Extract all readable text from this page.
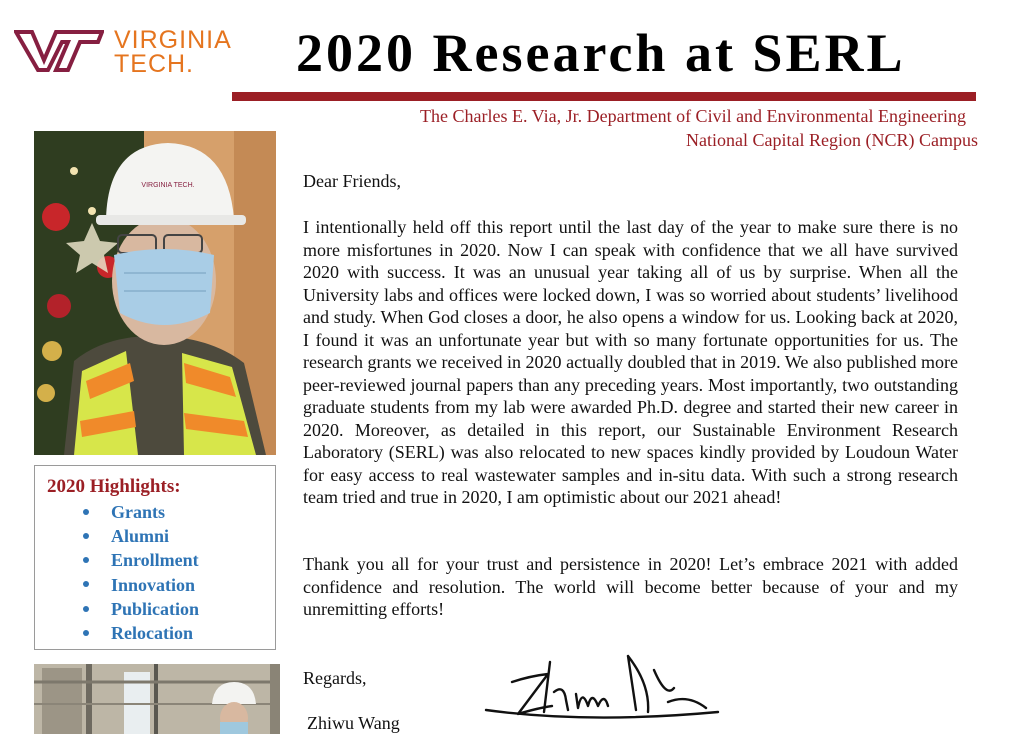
VIRGINIA
TECH.	2020 Research at SERL
The Charles E. Via, Jr. Department of Civil and Environmental Engineering
National Capital Region (NCR) Campus
VIRGINIA TECH.
2020 Highlights:
Grants
Alumni
Enrollment
Innovation
Publication
Relocation
Dear Friends,
I intentionally held off this report until the last day of the year to make sure there is no more misfortunes in 2020. Now I can speak with confidence that we all have survived 2020 with success. It was an unusual year taking all of us by surprise. When all the University labs and offices were locked down, I was so worried about students’ livelihood and study. When God closes a door, he also opens a window for us. Looking back at 2020, I found it was an unfortunate year but with so many fortunate opportunities for us. The research grants we received in 2020 actually doubled that in 2019. We also published more peer-reviewed journal papers than any preceding years. Most importantly, two outstanding graduate students from my lab were awarded Ph.D. degree and started their new career in 2020. Moreover, as detailed in this report, our Sustainable Environment Research Laboratory (SERL) was also relocated to new spaces kindly provided by Loudoun Water for easy access to real wastewater samples and in-situ data. With such a strong research team tried and true in 2020, I am optimistic about our 2021 ahead!
Thank you all for your trust and persistence in 2020! Let’s embrace 2021 with added confidence and resolution. The world will become better because of your and my unremitting efforts!
Regards,
Zhiwu Wang
